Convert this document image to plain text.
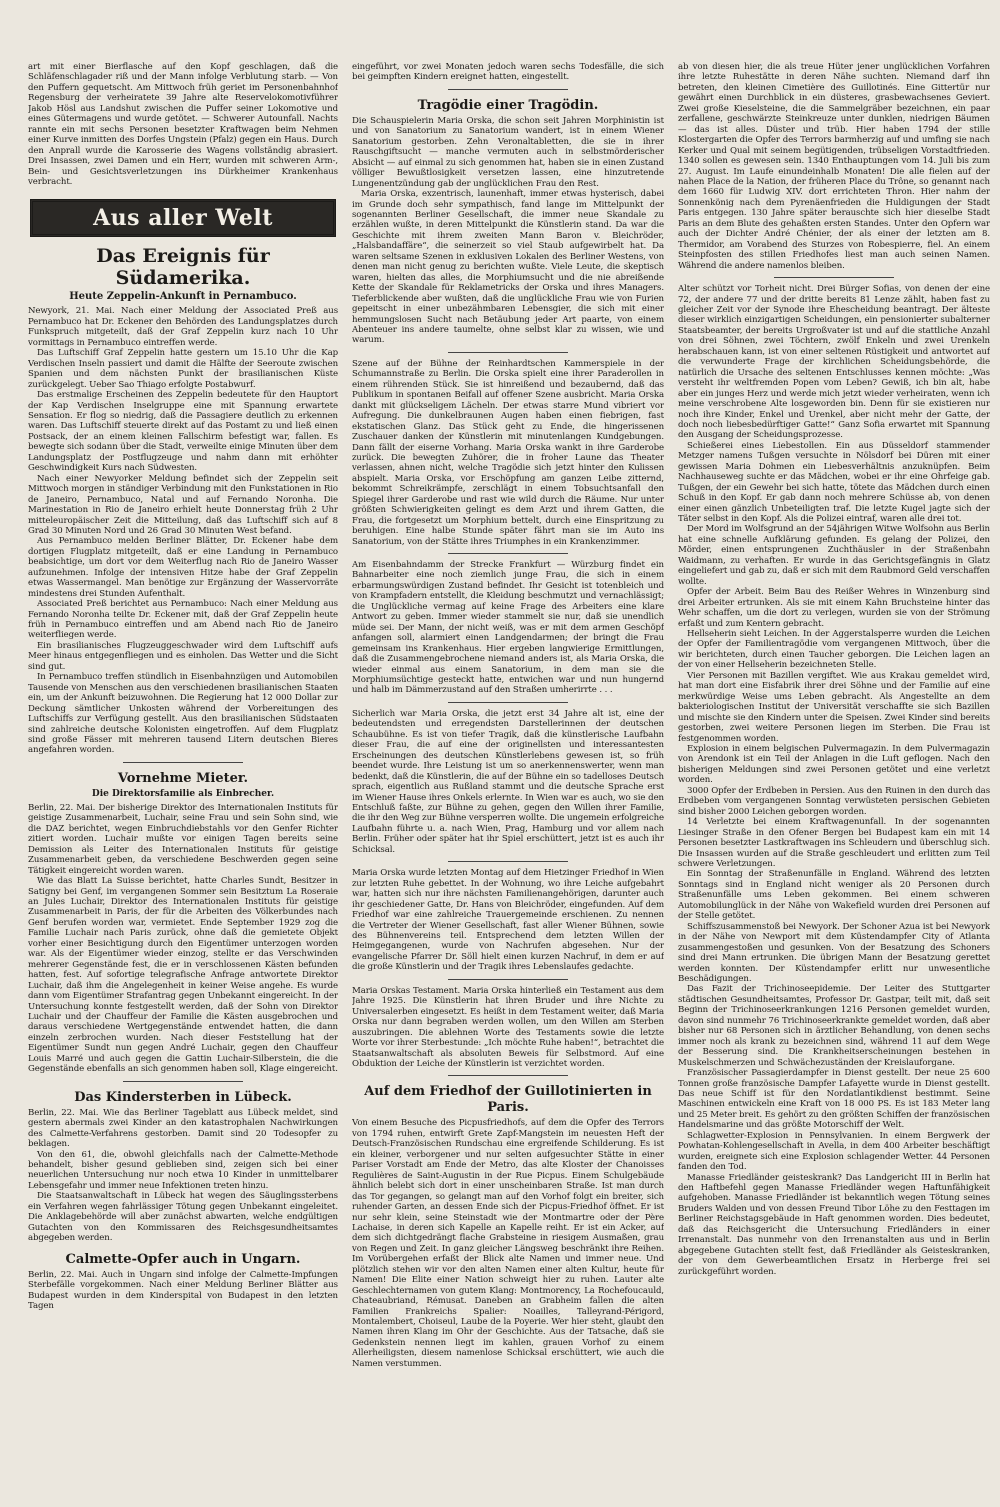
art mit einer Bierflasche auf den Kopf geschlagen, daß die Schläfenschlagader riß und der Mann infolge Verblutung starb. — Von den Puffern gequetscht. Am Mittwoch früh geriet im Personenbahnhof Regensburg der verheiratete 39 Jahre alte Reservelokomotivführer Jakob Hösl aus Landshut zwischen die Puffer seiner Lokomotive und eines Gütermagens und wurde getötet. — Schwerer Autounfall. Nachts rannte ein mit sechs Personen besetzter Kraftwagen beim Nehmen einer Kurve inmitten des Dorfes Ungstein (Pfalz) gegen ein Haus. Durch den Anprall wurde die Karosserie des Wagens vollständig abrasiert. Drei Insassen, zwei Damen und ein Herr, wurden mit schweren Arm-, Bein- und Gesichtsverletzungen ins Dürkheimer Krankenhaus verbracht.

Aus aller Welt
Das Ereignis für Südamerika.
Heute Zeppelin-Ankunft in Pernambuco.

Newyork, 21. Mai. Nach einer Meldung der Associated Preß aus Pernambuco hat Dr. Eckener den Behörden des Landungsplatzes durch Funkspruch mitgeteilt, daß der Graf Zeppelin kurz nach 10 Uhr vormittags in Pernambuco eintreffen werde.

Das Luftschiff Graf Zeppelin hatte gestern um 15.10 Uhr die Kap Verdischen Inseln passiert und damit die Hälfte der Seeroute zwischen Spanien und dem nächsten Punkt der brasilianischen Küste zurückgelegt. Ueber Sao Thiago erfolgte Postabwurf.

Das erstmalige Erscheinen des Zeppelin bedeutete für den Hauptort der Kap Verdischen Inselgruppe eine mit Spannung erwartete Sensation. Er flog so niedrig, daß die Passagiere deutlich zu erkennen waren. Das Luftschiff steuerte direkt auf das Postamt zu und ließ einen Postsack, der an einem kleinen Fallschirm befestigt war, fallen. Es bewegte sich sodann über die Stadt, verweilte einige Minuten über dem Landungsplatz der Postflugzeuge und nahm dann mit erhöhter Geschwindigkeit Kurs nach Südwesten.

Nach einer Newyorker Meldung befindet sich der Zeppelin seit Mittwoch morgen in ständiger Verbindung mit den Funkstationen in Rio de Janeiro, Pernambuco, Natal und auf Fernando Noronha. Die Marinestation in Rio de Janeiro erhielt heute Donnerstag früh 2 Uhr mitteleuropäischer Zeit die Mitteilung, daß das Luftschiff sich auf 8 Grad 30 Minuten Nord und 26 Grad 30 Minuten West befand.

Aus Pernambuco melden Berliner Blätter, Dr. Eckener habe dem dortigen Flugplatz mitgeteilt, daß er eine Landung in Pernambuco beabsichtige, um dort vor dem Weiterflug nach Rio de Janeiro Wasser aufzunehmen. Infolge der intensiven Hitze habe der Graf Zeppelin etwas Wassermangel. Man benötige zur Ergänzung der Wasservorräte mindestens drei Stunden Aufenthalt.

Associated Preß berichtet aus Pernambuco: Nach einer Meldung aus Fernando Noronha teilte Dr. Eckener mit, daß der Graf Zeppelin heute früh in Pernambuco eintreffen und am Abend nach Rio de Janeiro weiterfliegen werde.

Ein brasilianisches Flugzeuggeschwader wird dem Luftschiff aufs Meer hinaus entgegenfliegen und es einholen. Das Wetter und die Sicht sind gut.

In Pernambuco treffen stündlich in Eisenbahnzügen und Automobilen Tausende von Menschen aus den verschiedenen brasilianischen Staaten ein, um der Ankunft beizuwohnen. Die Regierung hat 12 000 Dollar zur Deckung sämtlicher Unkosten während der Vorbereitungen des Luftschiffs zur Verfügung gestellt. Aus den brasilianischen Südstaaten sind zahlreiche deutsche Kolonisten eingetroffen. Auf dem Flugplatz sind große Fässer mit mehreren tausend Litern deutschen Bieres angefahren worden.

Vornehme Mieter.
Die Direktorsfamilie als Einbrecher.

Berlin, 22. Mai. Der bisherige Direktor des Internationalen Instituts für geistige Zusammenarbeit, Luchair, seine Frau und sein Sohn sind, wie die DAZ berichtet, wegen Einbruchdiebstahls vor den Genfer Richter zitiert worden. Luchair mußte vor einigen Tagen bereits seine Demission als Leiter des Internationalen Instituts für geistige Zusammenarbeit geben, da verschiedene Beschwerden gegen seine Tätigkeit eingereicht worden waren.

Wie das Blatt La Suisse berichtet, hatte Charles Sundt, Besitzer in Satigny bei Genf, im vergangenen Sommer sein Besitztum La Roseraie an Jules Luchair, Direktor des Internationalen Instituts für geistige Zusammenarbeit in Paris, der für die Arbeiten des Völkerbundes nach Genf berufen worden war, vermietet. Ende September 1929 zog die Familie Luchair nach Paris zurück, ohne daß die gemietete Objekt vorher einer Besichtigung durch den Eigentümer unterzogen worden war. Als der Eigentümer wieder einzog, stellte er das Verschwinden mehrerer Gegenstände fest, die er in verschlossenen Kästen befunden hatten, fest. Auf sofortige telegrafische Anfrage antwortete Direktor Luchair, daß ihm die Angelegenheit in keiner Weise angehe. Es wurde dann vom Eigentümer Strafantrag gegen Unbekannt eingereicht. In der Untersuchung konnte festgestellt werden, daß der Sohn von Direktor Luchair und der Chauffeur der Familie die Kästen ausgebrochen und daraus verschiedene Wertgegenstände entwendet hatten, die dann einzeln zerbrochen wurden. Nach dieser Feststellung hat der Eigentümer Sundt nun gegen André Luchair, gegen den Chauffeur Louis Marré und auch gegen die Gattin Luchair-Silberstein, die die Gegenstände ebenfalls an sich genommen haben soll, Klage eingereicht.

Das Kindersterben in Lübeck.

Berlin, 22. Mai. Wie das Berliner Tageblatt aus Lübeck meldet, sind gestern abermals zwei Kinder an den katastrophalen Nachwirkungen des Calmette-Verfahrens gestorben. Damit sind 20 Todesopfer zu beklagen.

Von den 61, die, obwohl gleichfalls nach der Calmette-Methode behandelt, bisher gesund geblieben sind, zeigen sich bei einer neuerlichen Untersuchung nur noch etwa 10 Kinder in unmittelbarer Lebensgefahr und immer neue Infektionen treten hinzu.

Die Staatsanwaltschaft in Lübeck hat wegen des Säuglingssterbens ein Verfahren wegen fahrlässiger Tötung gegen Unbekannt eingeleitet. Die Anklagebehörde will aber zunächst abwarten, welche endgültigen Gutachten von den Kommissaren des Reichsgesundheitsamtes abgegeben werden.

Calmette-Opfer auch in Ungarn.

Berlin, 22. Mai. Auch in Ungarn sind infolge der Calmette-Impfungen Sterbefälle vorgekommen. Nach einer Meldung Berliner Blätter aus Budapest wurden in dem Kinderspital von Budapest in den letzten Tagen

eingeführt, vor zwei Monaten jedoch waren sechs Todesfälle, die sich bei geimpften Kindern ereignet hatten, eingestellt.

Tragödie einer Tragödin.

Die Schauspielerin Maria Orska, die schon seit Jahren Morphinistin ist und von Sanatorium zu Sanatorium wandert, ist in einem Wiener Sanatorium gestorben. Zehn Veronaltabletten, die sie in ihrer Rauschgiftsucht — manche vermuten auch in selbstmörderischer Absicht — auf einmal zu sich genommen hat, haben sie in einen Zustand völliger Bewußtlosigkeit versetzen lassen, eine hinzutretende Lungenentzündung gab der unglücklichen Frau den Rest.

Maria Orska, exzentrisch, launenhaft, immer etwas hysterisch, dabei im Grunde doch sehr sympathisch, fand lange im Mittelpunkt der sogenannten Berliner Gesellschaft, die immer neue Skandale zu erzählen wußte, in deren Mittelpunkt die Künstlerin stand. Da war die Geschichte mit ihrem zweiten Mann Baron v. Bleichröder, „Halsbandaffäre“, die seinerzeit so viel Staub aufgewirbelt hat. Da waren seltsame Szenen in exklusiven Lokalen des Berliner Westens, von denen man nicht genug zu berichten wußte. Viele Leute, die skeptisch waren, hielten das alles, die Morphiumsucht und die nie abreißende Kette der Skandale für Reklametricks der Orska und ihres Managers. Tieferblickende aber wußten, daß die unglückliche Frau wie von Furien gepeitscht in einer unbezähmbaren Lebensgier, die sich mit einer hemmungslosen Sucht nach Betäubung jeder Art paarte, von einem Abenteuer ins andere taumelte, ohne selbst klar zu wissen, wie und warum.

Szene auf der Bühne der Reinhardtschen Kammerspiele in der Schumannstraße zu Berlin. Die Orska spielt eine ihrer Paraderollen in einem rührenden Stück. Sie ist hinreißend und bezaubernd, daß das Publikum in spontanen Beifall auf offener Szene ausbricht. Maria Orska dankt mit glückseligem Lächeln. Der etwas starre Mund vibriert vor Aufregung. Die dunkelbraunen Augen haben einen fiebrigen, fast ekstatischen Glanz. Das Stück geht zu Ende, die hingerissenen Zuschauer danken der Künstlerin mit minutenlangen Kundgebungen. Dann fällt der eiserne Vorhang. Maria Orska wankt in ihre Garderobe zurück. Die bewegten Zuhörer, die in froher Laune das Theater verlassen, ahnen nicht, welche Tragödie sich jetzt hinter den Kulissen abspielt. Maria Orska, vor Erschöpfung am ganzen Leibe zitternd, bekommt Schreikrämpfe, zerschlägt in einem Tobsuchtsanfall den Spiegel ihrer Garderobe und rast wie wild durch die Räume. Nur unter größten Schwierigkeiten gelingt es dem Arzt und ihrem Gatten, die Frau, die fortgesetzt um Morphium bettelt, durch eine Einspritzung zu beruhigen. Eine halbe Stunde später fährt man sie im Auto ins Sanatorium, von der Stätte ihres Triumphes in ein Krankenzimmer.

Am Eisenbahndamm der Strecke Frankfurt — Würzburg findet ein Bahnarbeiter eine noch ziemlich junge Frau, die sich in einem erbarmungswürdigen Zustand befindet. Ihr Gesicht ist totenbleich und von Krampfadern entstellt, die Kleidung beschmutzt und vernachlässigt; die Unglückliche vermag auf keine Frage des Arbeiters eine klare Antwort zu geben. Immer wieder stammelt sie nur, daß sie unendlich müde sei. Der Mann, der nicht weiß, was er mit dem armen Geschöpf anfangen soll, alarmiert einen Landgendarmen; der bringt die Frau gemeinsam ins Krankenhaus. Hier ergeben langwierige Ermittlungen, daß die Zusammengebrochene niemand anders ist, als Maria Orska, die wieder einmal aus einem Sanatorium, in dem man sie die Morphiumsüchtige gesteckt hatte, entwichen war und nun hungernd und halb im Dämmerzustand auf den Straßen umherirrte . . .

Sicherlich war Maria Orska, die jetzt erst 34 Jahre alt ist, eine der bedeutendsten und erregendsten Darstellerinnen der deutschen Schaubühne. Es ist von tiefer Tragik, daß die künstlerische Laufbahn dieser Frau, die auf eine der originellsten und interessantesten Erscheinungen des deutschen Künstlerlebens gewesen ist, so früh beendet wurde. Ihre Leistung ist um so anerkennenswerter, wenn man bedenkt, daß die Künstlerin, die auf der Bühne ein so tadelloses Deutsch sprach, eigentlich aus Rußland stammt und die deutsche Sprache erst im Wiener Hause ihres Onkels erlernte. In Wien war es auch, wo sie den Entschluß faßte, zur Bühne zu gehen, gegen den Willen ihrer Familie, die ihr den Weg zur Bühne versperren wollte. Die ungemein erfolgreiche Laufbahn führte u. a. nach Wien, Prag, Hamburg und vor allem nach Berlin. Früher oder später hat ihr Spiel erschüttert, jetzt ist es auch ihr Schicksal.

Maria Orska wurde letzten Montag auf dem Hietzinger Friedhof in Wien zur letzten Ruhe gebettet. In der Wohnung, wo ihre Leiche aufgebahrt war, hatten sich nur ihre nächsten Familienangehörigen, darunter auch ihr geschiedener Gatte, Dr. Hans von Bleichröder, eingefunden. Auf dem Friedhof war eine zahlreiche Trauergemeinde erschienen. Zu nennen die Vertreter der Wiener Gesellschaft, fast aller Wiener Bühnen, sowie des Bühnenvereins teil. Entsprechend dem letzten Willen der Heimgegangenen, wurde von Nachrufen abgesehen. Nur der evangelische Pfarrer Dr. Söll hielt einen kurzen Nachruf, in dem er auf die große Künstlerin und der Tragik ihres Lebenslaufes gedachte.

Maria Orskas Testament. Maria Orska hinterließ ein Testament aus dem Jahre 1925. Die Künstlerin hat ihren Bruder und ihre Nichte zu Universalerben eingesetzt. Es heißt in dem Testament weiter, daß Maria Orska nur dann begraben werden wollen, um den Willen am Sterben auszubringen. Die ablehnen Worte des Testaments sowie die letzte Worte vor ihrer Sterbestunde: „Ich möchte Ruhe haben!“, betrachtet die Staatsanwaltschaft als absoluten Beweis für Selbstmord. Auf eine Obduktion der Leiche der Künstlerin ist verzichtet worden.

Auf dem Friedhof der Guillotinierten in Paris.

Von einem Besuche des Picpusfriedhofs, auf dem die Opfer des Terrors von 1794 ruhen, entwirft Grete Zapf-Mangstein im neuesten Heft der Deutsch-Französischen Rundschau eine ergreifende Schilderung. Es ist ein kleiner, verborgener und nur selten aufgesuchter Stätte in einer Pariser Vorstadt am Ende der Metro, das alte Kloster der Chanoisses Regulières de Saint-Augustin in der Rue Picpus. Einem Schulgebäude ähnlich belebt sich dort in einer unscheinbaren Straße. Ist man durch das Tor gegangen, so gelangt man auf den Vorhof folgt ein breiter, sich ruhender Garten, an dessen Ende sich der Picpus-Friedhof öffnet. Er ist nur sehr klein, seine Steinstadt wie der Montmartre oder der Père Lachaise, in deren sich Kapelle an Kapelle reiht. Er ist ein Acker, auf dem sich dichtgedrängt flache Grabsteine in riesigem Ausmaßen, grau von Regen und Zeit. In ganz gleicher Längsweg beschränkt ihre Reihen. Im Vorübergehen erfaßt der Blick alte Namen und immer neue. Und plötzlich stehen wir vor den alten Namen einer alten Kultur, heute für Namen! Die Elite einer Nation schweigt hier zu ruhen. Lauter alte Geschlechternamen von gutem Klang: Montmorency, La Rochefoucauld, Chateaubriand, Rémusat. Daneben an Grabheim fallen die alten Familien Frankreichs Spalier: Noailles, Talleyrand-Périgord, Montalembert, Choiseul, Laube de la Poyerie. Wer hier steht, glaubt den Namen ihren Klang im Ohr der Geschichte. Aus der Tatsache, daß sie Gedenkstein nennen liegt im kahlen, grauen Vorhof zu einem Allerheiligsten, diesem namenlose Schicksal erschüttert, wie auch die Namen verstummen.

ab von diesen hier, die als treue Hüter jener unglücklichen Vorfahren ihre letzte Ruhestätte in deren Nähe suchten. Niemand darf ihn betreten, den kleinen Cimetière des Guillotinés. Eine Gittertür nur gewährt einen Durchblick in ein düsteres, grasbewachsenes Geviert. Zwei große Kieselsteine, die die Sammelgräber bezeichnen, ein paar zerfallene, geschwärzte Steinkreuze unter dunklen, niedrigen Bäumen — das ist alles. Düster und trüb. Hier haben 1794 der stille Klostergarten die Opfer des Terrors barmherzig auf und umfing sie nach Kerker und Qual mit seinem begütigenden, trübseligen Vorstadtfrieden. 1340 sollen es gewesen sein. 1340 Enthauptungen vom 14. Juli bis zum 27. August. Im Laufe einundeinhalb Monaten! Die alle fielen auf der nahen Place de la Nation, der früheren Place du Trône, so genannt nach dem 1660 für Ludwig XIV. dort errichteten Thron. Hier nahm der Sonnenkönig nach dem Pyrenäenfrieden die Huldigungen der Stadt Paris entgegen. 130 Jahre später berauschte sich hier dieselbe Stadt Paris an dem Blute des gehaßten ersten Standes. Unter den Opfern war auch der Dichter André Chénier, der als einer der letzten am 8. Thermidor, am Vorabend des Sturzes von Robespierre, fiel. An einem Steinpfosten des stillen Friedhofes liest man auch seinen Namen. Während die andere namenlos bleiben.

Alter schützt vor Torheit nicht. Drei Bürger Sofias, von denen der eine 72, der andere 77 und der dritte bereits 81 Lenze zählt, haben fast zu gleicher Zeit vor der Synode ihre Ehescheidung beantragt. Der älteste dieser wirklich einzigartigen Scheidungen, ein pensionierter subalterner Staatsbeamter, der bereits Urgroßvater ist und auf die stattliche Anzahl von drei Söhnen, zwei Töchtern, zwölf Enkeln und zwei Urenkeln herabschauen kann, ist von einer seltenen Rüstigkeit und antwortet auf die verwunderte Frage der kirchlichen Scheidungsbehörde, die natürlich die Ursache des seltenen Entschlusses kennen möchte: „Was versteht ihr weltfremden Popen vom Leben? Gewiß, ich bin alt, habe aber ein junges Herz und werde mich jetzt wieder verheiraten, wenn ich meine verschrobene Alte losgeworden bin. Denn für sie existieren nur noch ihre Kinder, Enkel und Urenkel, aber nicht mehr der Gatte, der doch noch liebesbedürftiger Gatte!“ Ganz Sofia erwartet mit Spannung den Ausgang der Scheidungsprozesse.

Schießerei eines Liebestollen. Ein aus Düsseldorf stammender Metzger namens Tußgen versuchte in Nölsdorf bei Düren mit einer gewissen Maria Dohmen ein Liebesverhältnis anzuknüpfen. Beim Nachhauseweg suchte er das Mädchen, wobei er ihr eine Ohrfeige gab. Tußgen, der ein Gewehr bei sich hatte, tötete das Mädchen durch einen Schuß in den Kopf. Er gab dann noch mehrere Schüsse ab, von denen einer einen gänzlich Unbeteiligten traf. Die letzte Kugel jagte sich der Täter selbst in den Kopf. Als die Polizei eintraf, waren alle drei tot.

Der Mord im Wolfsgrund an der 54jährigen Witwe Wolfsohn aus Berlin hat eine schnelle Aufklärung gefunden. Es gelang der Polizei, den Mörder, einen entsprungenen Zuchthäusler in der Straßenbahn Waidmann, zu verhaften. Er wurde in das Gerichtsgefängnis in Glatz eingeliefert und gab zu, daß er sich mit dem Raubmord Geld verschaffen wollte.

Opfer der Arbeit. Beim Bau des Reißer Wehres in Winzenburg sind drei Arbeiter ertrunken. Als sie mit einem Kahn Bruchsteine hinter das Wehr schaffen, um die dort zu verlegen, wurden sie von der Strömung erfaßt und zum Kentern gebracht.

Hellseherin sieht Leichen. In der Aggerstalsperre wurden die Leichen der Opfer der Familientragödie vom vergangenen Mittwoch, über die wir berichteten, durch einen Taucher geborgen. Die Leichen lagen an der von einer Hellseherin bezeichneten Stelle.

Vier Personen mit Bazillen vergiftet. Wie aus Krakau gemeldet wird, hat man dort eine Eisfabrik ihrer drei Söhne und der Familie auf eine merkwürdige Weise ums Leben gebracht. Als Angestellte an dem bakteriologischen Institut der Universität verschaffte sie sich Bazillen und mischte sie den Kindern unter die Speisen. Zwei Kinder sind bereits gestorben, zwei weitere Personen liegen im Sterben. Die Frau ist festgenommen worden.

Explosion in einem belgischen Pulvermagazin. In dem Pulvermagazin von Arendonk ist ein Teil der Anlagen in die Luft geflogen. Nach den bisherigen Meldungen sind zwei Personen getötet und eine verletzt worden.

3000 Opfer der Erdbeben in Persien. Aus den Ruinen in den durch das Erdbeben vom vergangenen Sonntag verwüsteten persischen Gebieten sind bisher 2000 Leichen geborgen worden.

14 Verletzte bei einem Kraftwagenunfall. In der sogenannten Liesinger Straße in den Ofener Bergen bei Budapest kam ein mit 14 Personen besetzter Lastkraftwagen ins Schleudern und überschlug sich. Die Insassen wurden auf die Straße geschleudert und erlitten zum Teil schwere Verletzungen.

Ein Sonntag der Straßenunfälle in England. Während des letzten Sonntags sind in England nicht weniger als 20 Personen durch Straßenunfälle ums Leben gekommen. Bei einem schweren Automobilunglück in der Nähe von Wakefield wurden drei Personen auf der Stelle getötet.

Schiffszusammenstoß bei Newyork. Der Schoner Azua ist bei Newyork in der Nähe von Newport mit dem Küstendampfer City of Atlanta zusammengestoßen und gesunken. Von der Besatzung des Schoners sind drei Mann ertrunken. Die übrigen Mann der Besatzung gerettet werden konnten. Der Küstendampfer erlitt nur unwesentliche Beschädigungen.

Das Fazit der Trichinoseepidemie. Der Leiter des Stuttgarter städtischen Gesundheitsamtes, Professor Dr. Gastpar, teilt mit, daß seit Beginn der Trichinoseerkrankungen 1216 Personen gemeldet wurden, davon sind nunmehr 76 Trichinoseerkrankte gemeldet worden, daß aber bisher nur 68 Personen sich in ärztlicher Behandlung, von denen sechs immer noch als krank zu bezeichnen sind, während 11 auf dem Wege der Besserung sind. Die Krankheitserscheinungen bestehen in Muskelschmerzen und Schwächezuständen der Kreislauforgane.

Französischer Passagierdampfer in Dienst gestellt. Der neue 25 600 Tonnen große französische Dampfer Lafayette wurde in Dienst gestellt. Das neue Schiff ist für den Nordatlantikdienst bestimmt. Seine Maschinen entwickeln eine Kraft von 18 000 PS. Es ist 183 Meter lang und 25 Meter breit. Es gehört zu den größten Schiffen der französischen Handelsmarine und das größte Motorschiff der Welt.

Schlagwetter-Explosion in Pennsylvanien. In einem Bergwerk der Powhatan-Kohlengesellschaft in Avella, in dem 400 Arbeiter beschäftigt wurden, ereignete sich eine Explosion schlagender Wetter. 44 Personen fanden den Tod.

Manasse Friedländer geisteskrank? Das Landgericht III in Berlin hat den Haftbefehl gegen Manasse Friedländer wegen Haftunfähigkeit aufgehoben. Manasse Friedländer ist bekanntlich wegen Tötung seines Bruders Walden und von dessen Freund Tibor Löhe zu den Festtagen im Berliner Reichstagsgebäude in Haft genommen worden. Dies bedeutet, daß das Reichsgericht die Untersuchung Friedländers in einer Irrenanstalt. Das nunmehr von den Irrenanstalten aus und in Berlin abgegebene Gutachten stellt fest, daß Friedländer als Geisteskranken, der von dem Gewerbeamtlichen Ersatz in Herberge frei sei zurückgeführt worden.
